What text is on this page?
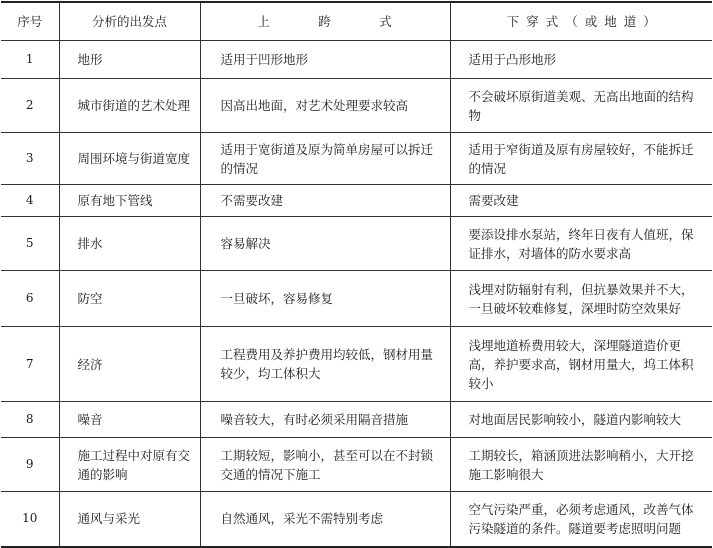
序号	分析的出发点	上　跨　式	下穿式（或地道）
1	地形	适用于凹形地形	适用于凸形地形
2	城市街道的艺术处理	因高出地面，对艺术处理要求较高	不会破坏原街道美观、无高出地面的结构物
3	周围环境与街道宽度	适用于宽街道及原为简单房屋可以拆迁的情况	适用于窄街道及原有房屋较好，不能拆迁的情况
4	原有地下管线	不需要改建	需要改建
5	排水	容易解决	要添设排水泵站，终年日夜有人值班，保证排水，对墙体的防水要求高
6	防空	一旦破坏，容易修复	浅埋对防辐射有利，但抗暴效果并不大，一旦破坏较难修复，深埋时防空效果好
7	经济	工程费用及养护费用均较低，钢材用量较少，均工体积大	浅埋地道桥费用较大，深埋隧道造价更高，养护要求高，钢材用量大，坞工体积较小
8	噪音	噪音较大，有时必须采用隔音措施	对地面居民影响较小，隧道内影响较大
9	施工过程中对原有交通的影响	工期较短，影响小，甚至可以在不封锁交通的情况下施工	工期较长，箱涵顶进法影响稍小，大开挖施工影响很大
10	通风与采光	自然通风，采光不需特别考虑	空气污染严重，必须考虑通风，改善气体污染隧道的条件。隧道要考虑照明问题
